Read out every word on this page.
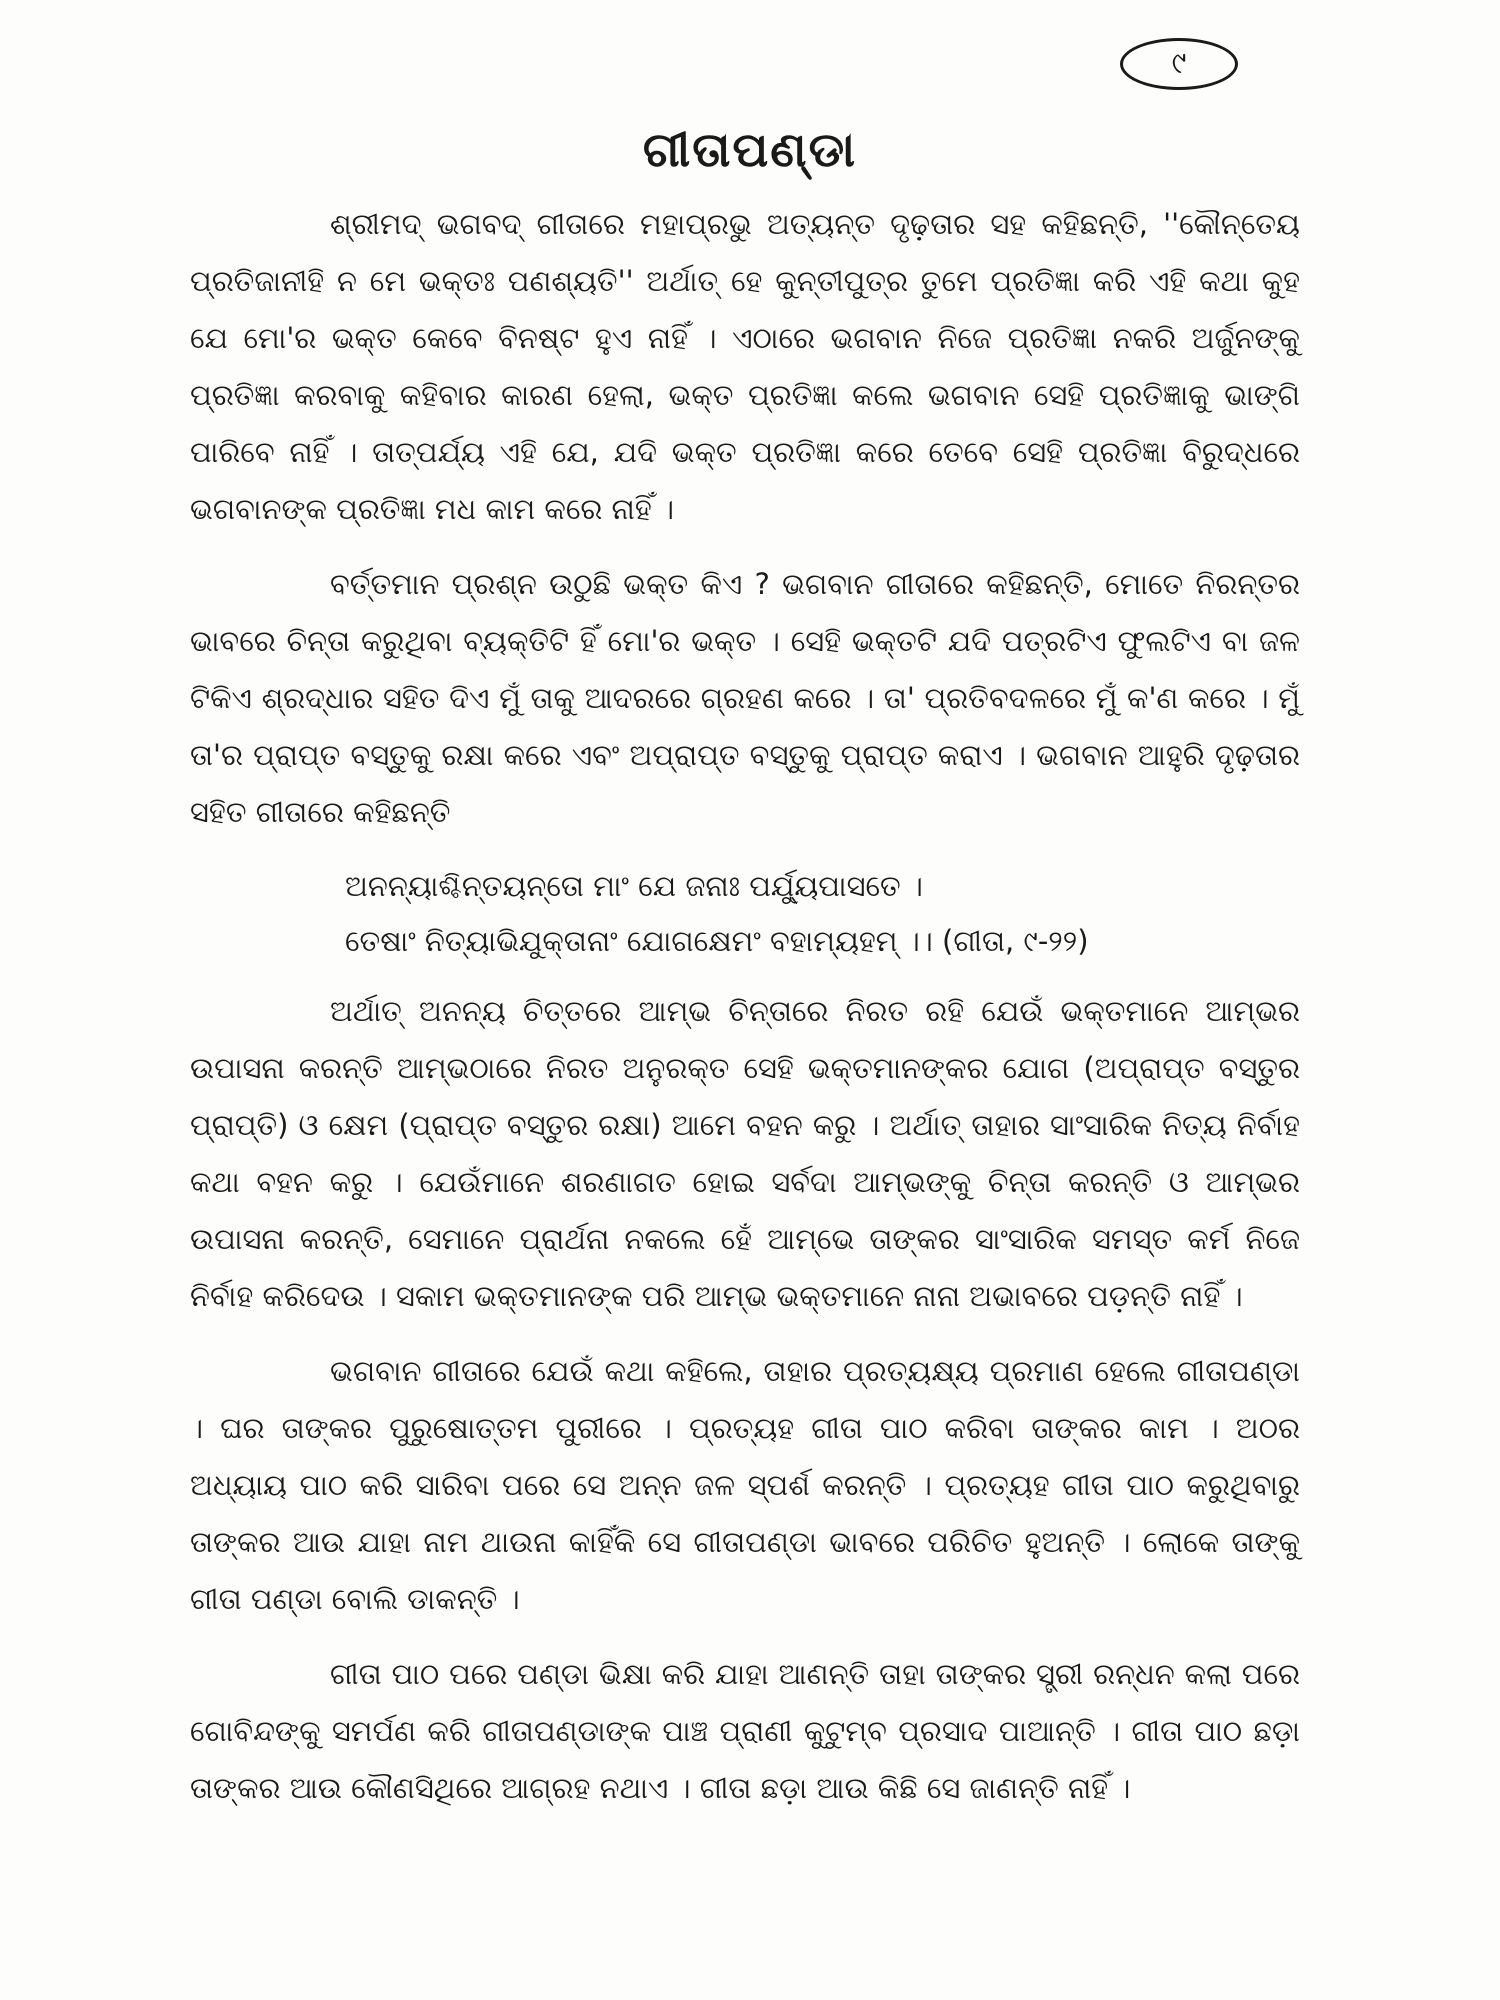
୯
ଗୀତାପଣ୍ଡା

ଶ୍ରୀମଦ୍ ଭଗବଦ୍ ଗୀତାରେ ମହାପ୍ରଭୁ ଅତ୍ୟନ୍ତ ଦୃଢ଼ତାର ସହ କହିଛନ୍ତି, ''କୌନ୍ତେୟ ପ୍ରତିଜାନୀହି ନ ମେ ଭକ୍ତଃ ପଣଶ୍ୟତି'' ଅର୍ଥାତ୍ ହେ କୁନ୍ତୀପୁତ୍ର ତୁମେ ପ୍ରତିଜ୍ଞା କରି ଏହି କଥା କୁହ ଯେ ମୋ'ର ଭକ୍ତ କେବେ ବିନଷ୍ଟ ହୁଏ ନାହିଁ । ଏଠାରେ ଭଗବାନ ନିଜେ ପ୍ରତିଜ୍ଞା ନକରି ଅର୍ଜୁନଙ୍କୁ ପ୍ରତିଜ୍ଞା କରବାକୁ କହିବାର କାରଣ ହେଲା, ଭକ୍ତ ପ୍ରତିଜ୍ଞା କଲେ ଭଗବାନ ସେହି ପ୍ରତିଜ୍ଞାକୁ ଭାଙ୍ଗି ପାରିବେ ନାହିଁ । ତାତ୍ପର୍ଯ୍ୟ ଏହି ଯେ, ଯଦି ଭକ୍ତ ପ୍ରତିଜ୍ଞା କରେ ତେବେ ସେହି ପ୍ରତିଜ୍ଞା ବିରୁଦ୍ଧରେ ଭଗବାନଙ୍କ ପ୍ରତିଜ୍ଞା ମଧ କାମ କରେ ନାହିଁ ।

ବର୍ତ୍ତମାନ ପ୍ରଶ୍ନ ଉଠୁଛି ଭକ୍ତ କିଏ ? ଭଗବାନ ଗୀତାରେ କହିଛନ୍ତି, ମୋତେ ନିରନ୍ତର ଭାବରେ ଚିନ୍ତା କରୁଥିବା ବ୍ୟକ୍ତିଟି ହିଁ ମୋ'ର ଭକ୍ତ । ସେହି ଭକ୍ତଟି ଯଦି ପତ୍ରଟିଏ ଫୁଲଟିଏ ବା ଜଳ ଟିକିଏ ଶ୍ରଦ୍ଧାର ସହିତ ଦିଏ ମୁଁ ତାକୁ ଆଦରରେ ଗ୍ରହଣ କରେ । ତା' ପ୍ରତିବଦଳରେ ମୁଁ କ'ଣ କରେ । ମୁଁ ତା'ର ପ୍ରାପ୍ତ ବସ୍ତୁକୁ ରକ୍ଷା କରେ ଏବଂ ଅପ୍ରାପ୍ତ ବସ୍ତୁକୁ ପ୍ରାପ୍ତ କରାଏ । ଭଗବାନ ଆହୁରି ଦୃଢ଼ତାର ସହିତ ଗୀତାରେ କହିଛନ୍ତି

ଅନନ୍ୟାଶ୍ଚିନ୍ତୟନ୍ତୋ ମାଂ ଯେ ଜନାଃ ପର୍ଯ୍ୟୁପାସତେ ।
ତେଷାଂ ନିତ୍ୟାଭିଯୁକ୍ତାନାଂ ଯୋଗକ୍ଷେମଂ ବହାମ୍ୟହମ୍ ।। (ଗୀତା, ୯-୨୨)

ଅର୍ଥାତ୍ ଅନନ୍ୟ ଚିତ୍ତରେ ଆମ୍ଭ ଚିନ୍ତାରେ ନିରତ ରହି ଯେଉଁ ଭକ୍ତମାନେ ଆମ୍ଭର ଉପାସନା କରନ୍ତି ଆମ୍ଭଠାରେ ନିରତ ଅନୁରକ୍ତ ସେହି ଭକ୍ତମାନଙ୍କର ଯୋଗ (ଅପ୍ରାପ୍ତ ବସ୍ତୁର ପ୍ରାପ୍ତି) ଓ କ୍ଷେମ (ପ୍ରାପ୍ତ ବସ୍ତୁର ରକ୍ଷା) ଆମେ ବହନ କରୁ । ଅର୍ଥାତ୍ ତାହାର ସାଂସାରିକ ନିତ୍ୟ ନିର୍ବାହ କଥା ବହନ କରୁ । ଯେଉଁମାନେ ଶରଣାଗତ ହୋଇ ସର୍ବଦା ଆମ୍ଭଙ୍କୁ ଚିନ୍ତା କରନ୍ତି ଓ ଆମ୍ଭର ଉପାସନା କରନ୍ତି, ସେମାନେ ପ୍ରାର୍ଥନା ନକଲେ ହେଁ ଆମ୍ଭେ ତାଙ୍କର ସାଂସାରିକ ସମସ୍ତ କର୍ମ ନିଜେ ନିର୍ବାହ କରିଦେଉ । ସକାମ ଭକ୍ତମାନଙ୍କ ପରି ଆମ୍ଭ ଭକ୍ତମାନେ ନାନା ଅଭାବରେ ପଡ଼ନ୍ତି ନାହିଁ ।

ଭଗବାନ ଗୀତାରେ ଯେଉଁ କଥା କହିଲେ, ତାହାର ପ୍ରତ୍ୟକ୍ଷ୍ୟ ପ୍ରମାଣ ହେଲେ ଗୀତାପଣ୍ଡା । ଘର ତାଙ୍କର ପୁରୁଷୋତ୍ତମ ପୁରୀରେ । ପ୍ରତ୍ୟହ ଗୀତା ପାଠ କରିବା ତାଙ୍କର କାମ । ଅଠର ଅଧ୍ୟାୟ ପାଠ କରି ସାରିବା ପରେ ସେ ଅନ୍ନ ଜଳ ସ୍ପର୍ଶ କରନ୍ତି । ପ୍ରତ୍ୟହ ଗୀତା ପାଠ କରୁଥିବାରୁ ତାଙ୍କର ଆଉ ଯାହା ନାମ ଥାଉନା କାହିଁକି ସେ ଗୀତାପଣ୍ଡା ଭାବରେ ପରିଚିତ ହୁଅନ୍ତି । ଲୋକେ ତାଙ୍କୁ ଗୀତା ପଣ୍ଡା ବୋଲି ଡାକନ୍ତି ।

ଗୀତା ପାଠ ପରେ ପଣ୍ଡା ଭିକ୍ଷା କରି ଯାହା ଆଣନ୍ତି ତାହା ତାଙ୍କର ସ୍ତ୍ରୀ ରନ୍ଧନ କଲା ପରେ ଗୋବିନ୍ଦଙ୍କୁ ସମର୍ପଣ କରି ଗୀତାପଣ୍ଡାଙ୍କ ପାଞ୍ଚ ପ୍ରାଣୀ କୁଟୁମ୍ବ ପ୍ରସାଦ ପାଆନ୍ତି । ଗୀତା ପାଠ ଛଡ଼ା ତାଙ୍କର ଆଉ କୌଣସିଥିରେ ଆଗ୍ରହ ନଥାଏ । ଗୀତା ଛଡ଼ା ଆଉ କିଛି ସେ ଜାଣନ୍ତି ନାହିଁ ।
